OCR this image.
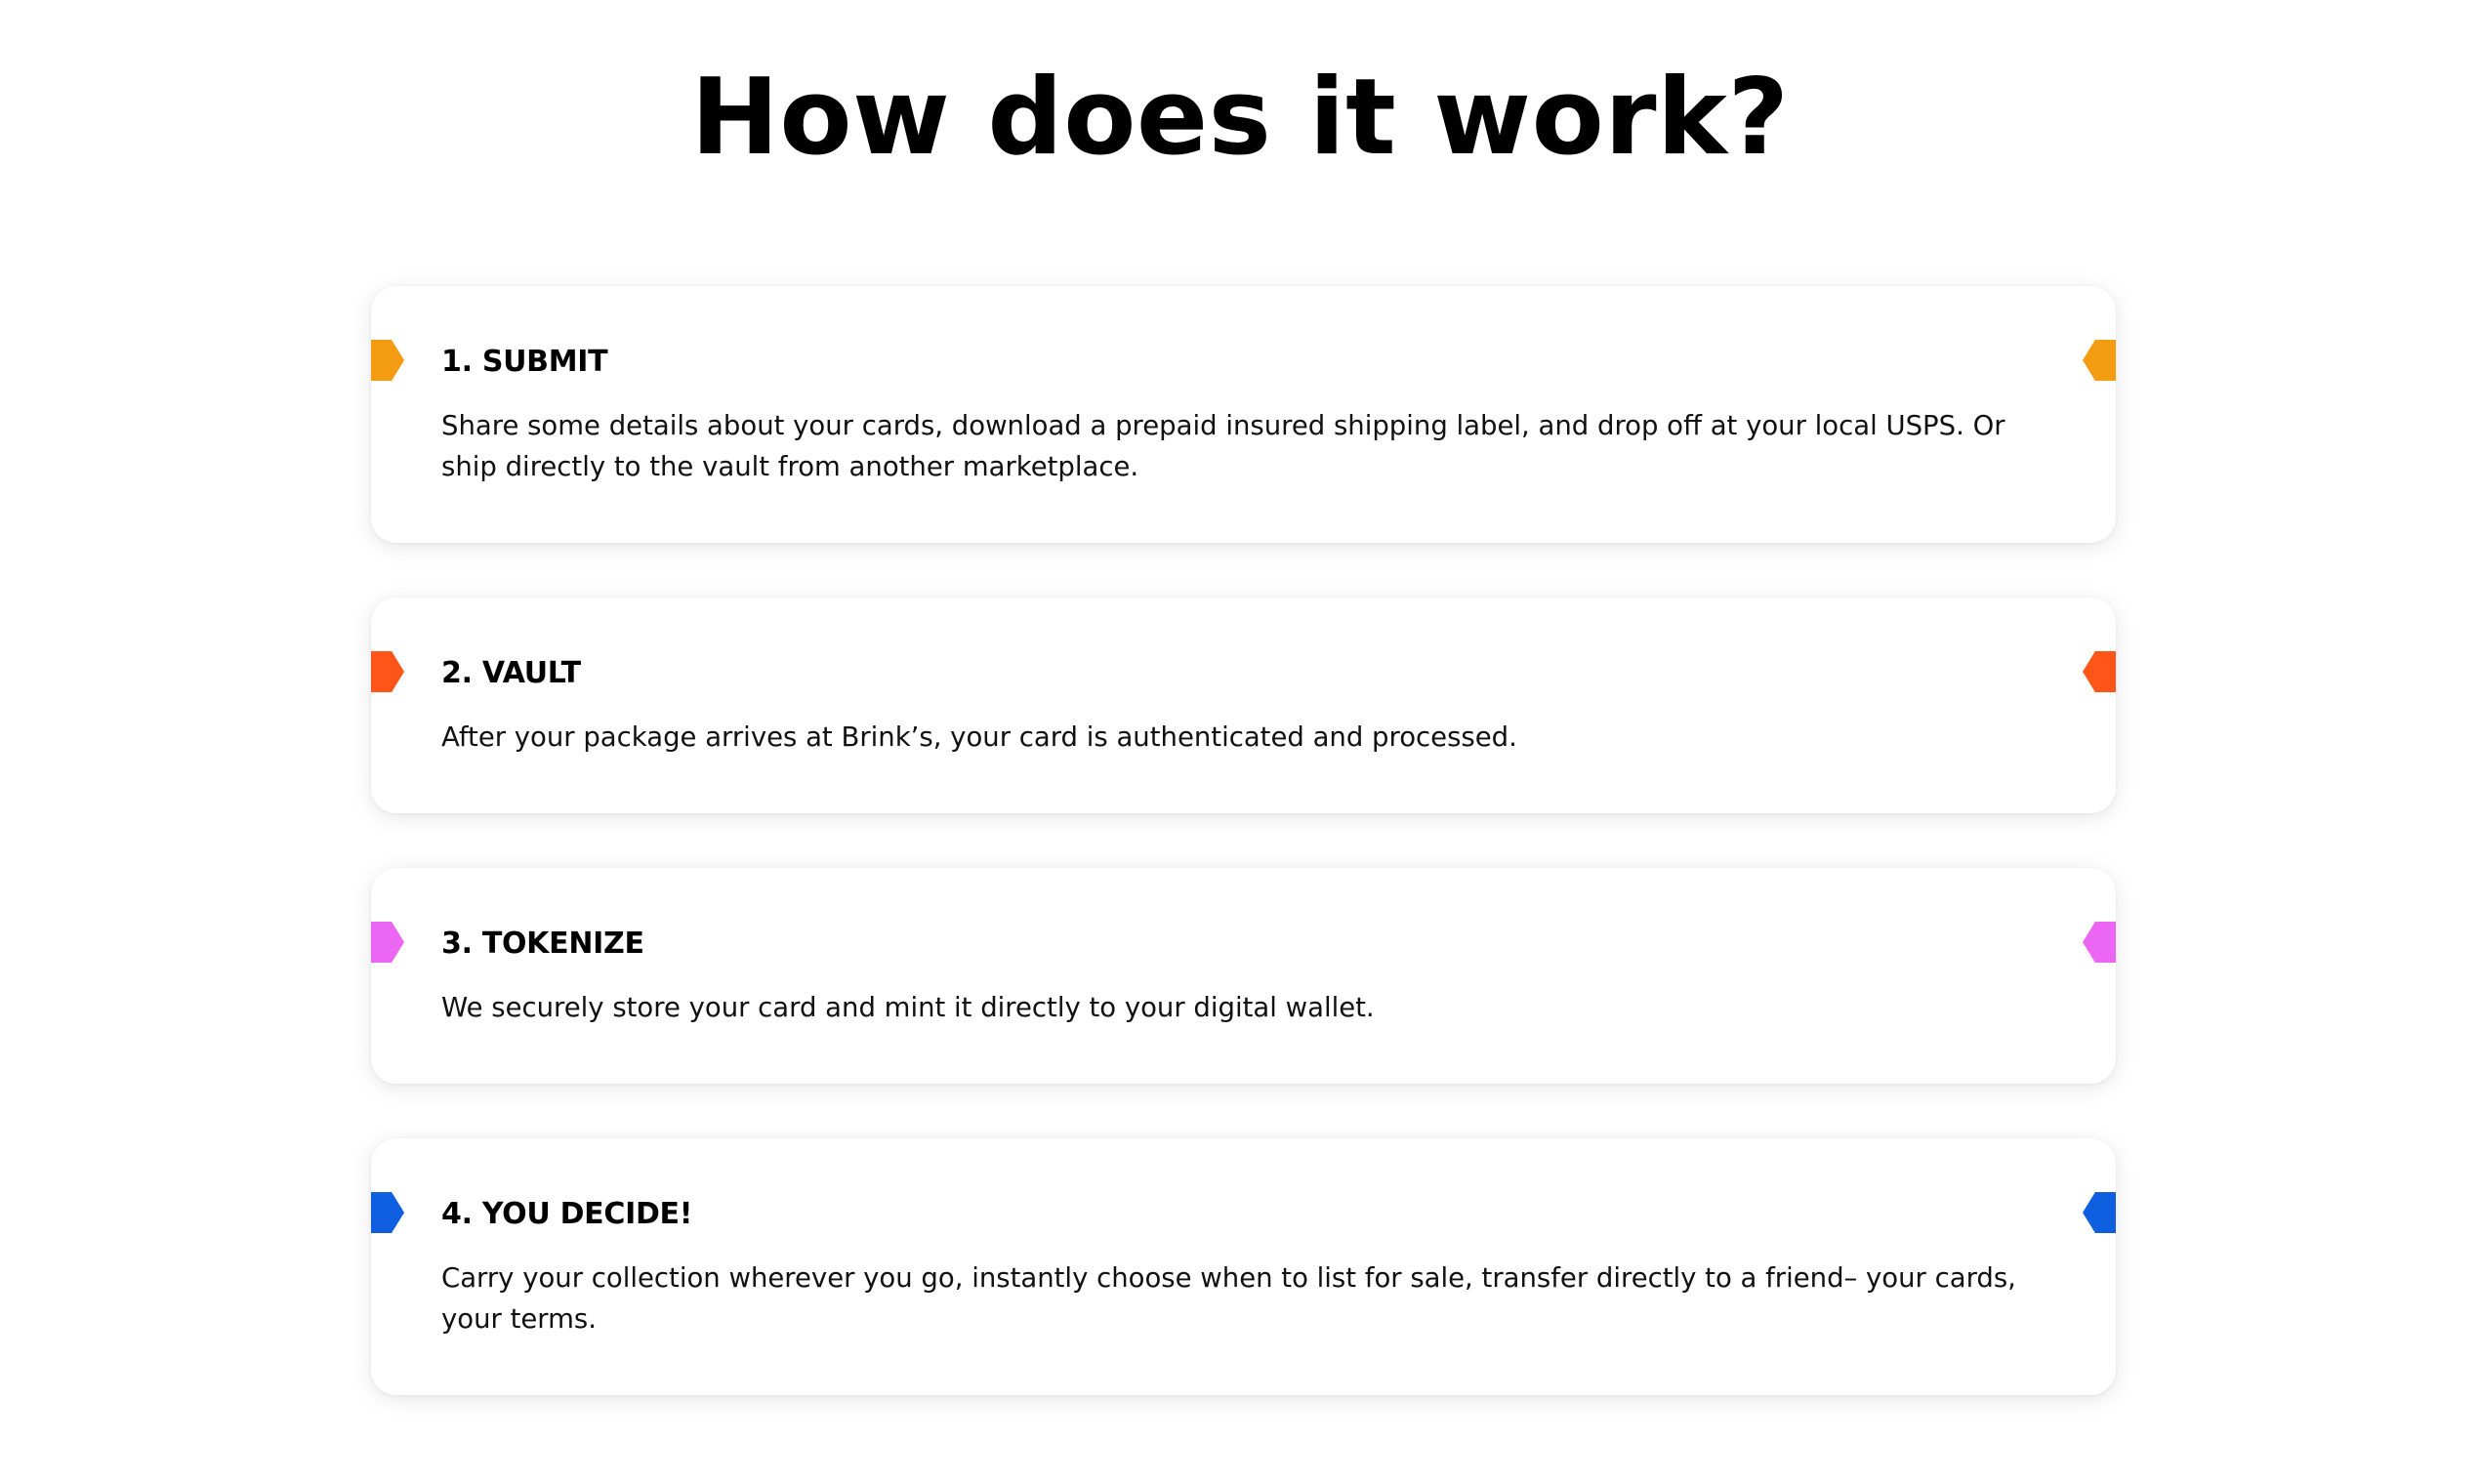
How does it work?
1. SUBMIT

Share some details about your cards, download a prepaid insured shipping label, and drop off at your local USPS. Or ship directly to the vault from another marketplace.

2. VAULT

After your package arrives at Brink’s, your card is authenticated and processed.

3. TOKENIZE

We securely store your card and mint it directly to your digital wallet.

4. YOU DECIDE!

Carry your collection wherever you go, instantly choose when to list for sale, transfer directly to a friend– your cards, your terms.
